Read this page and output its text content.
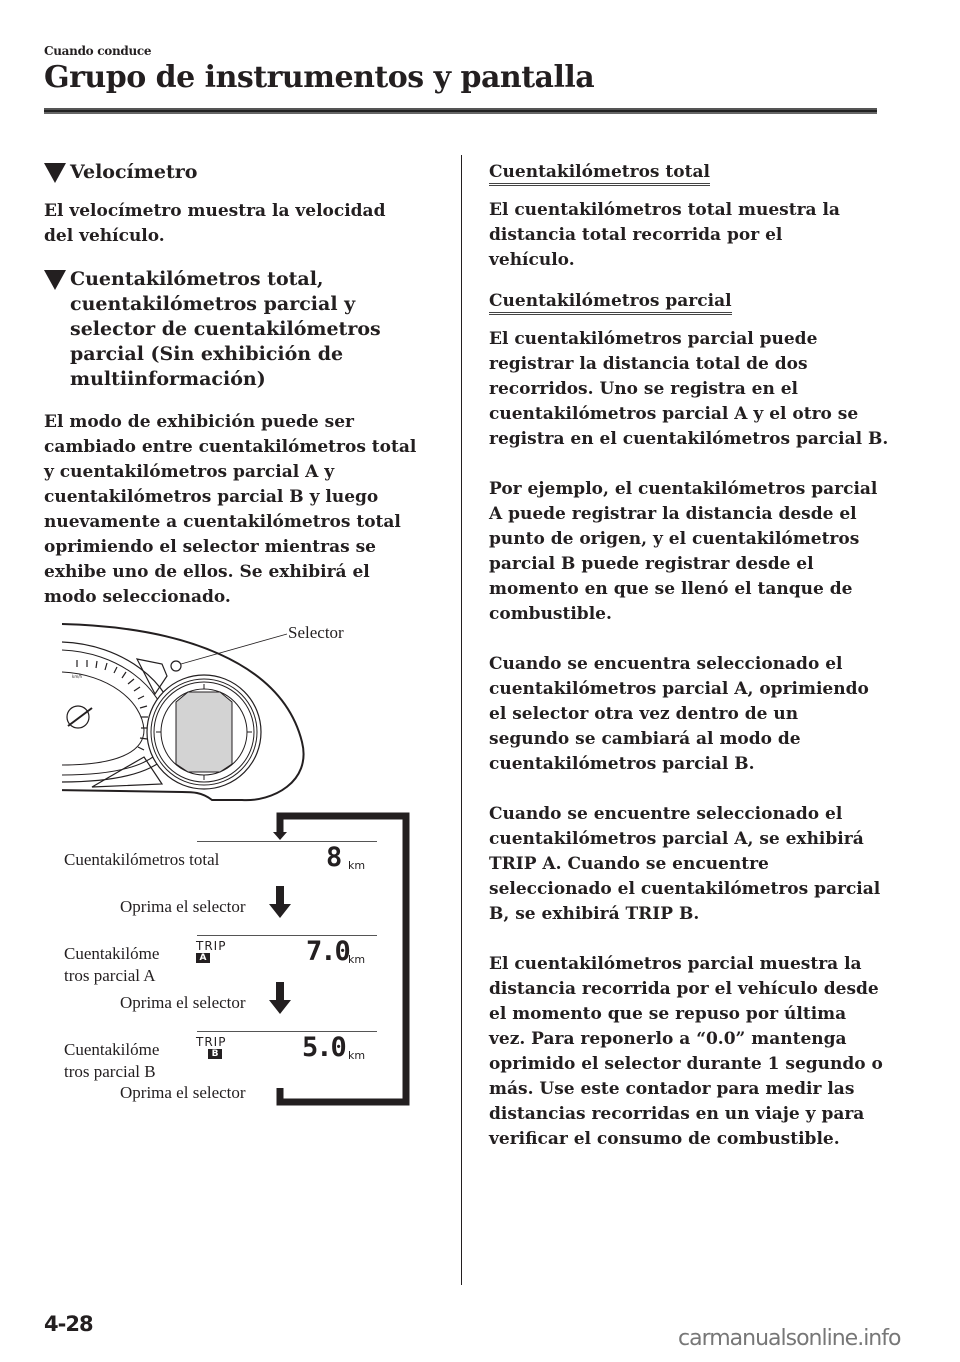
Cuando conduce
Grupo de instrumentos y pantalla
Velocímetro

El velocímetro muestra la velocidad del vehículo.

Cuentakilómetros total, cuentakilómetros parcial y selector de cuentakilómetros parcial (Sin exhibición de multiinformación)

El modo de exhibición puede ser cambiado entre cuentakilómetros total y cuentakilómetros parcial A y cuentakilómetros parcial B y luego nuevamente a cuentakilómetros total oprimiendo el selector mientras se exhibe uno de ellos. Se exhibirá el modo seleccionado.

km/h
Selector
Cuentakilómetros total	8 km
Oprima el selector
Cuentakilóme
tros parcial A
TRIP
A	7.0 km
Oprima el selector
Cuentakilóme
tros parcial B
TRIP
B	5.0 km
Oprima el selector
Cuentakilómetros total

El cuentakilómetros total muestra la distancia total recorrida por el vehículo.

Cuentakilómetros parcial

El cuentakilómetros parcial puede registrar la distancia total de dos recorridos. Uno se registra en el cuentakilómetros parcial A y el otro se registra en el cuentakilómetros parcial B.

Por ejemplo, el cuentakilómetros parcial A puede registrar la distancia desde el punto de origen, y el cuentakilómetros parcial B puede registrar desde el momento en que se llenó el tanque de combustible.

Cuando se encuentra seleccionado el cuentakilómetros parcial A, oprimiendo el selector otra vez dentro de un segundo se cambiará al modo de cuentakilómetros parcial B.

Cuando se encuentre seleccionado el cuentakilómetros parcial A, se exhibirá TRIP A. Cuando se encuentre seleccionado el cuentakilómetros parcial B, se exhibirá TRIP B.

El cuentakilómetros parcial muestra la distancia recorrida por el vehículo desde el momento que se repuso por última vez. Para reponerlo a “0.0” mantenga oprimido el selector durante 1 segundo o más. Use este contador para medir las distancias recorridas en un viaje y para verificar el consumo de combustible.

4-28
carmanualsonline.info
